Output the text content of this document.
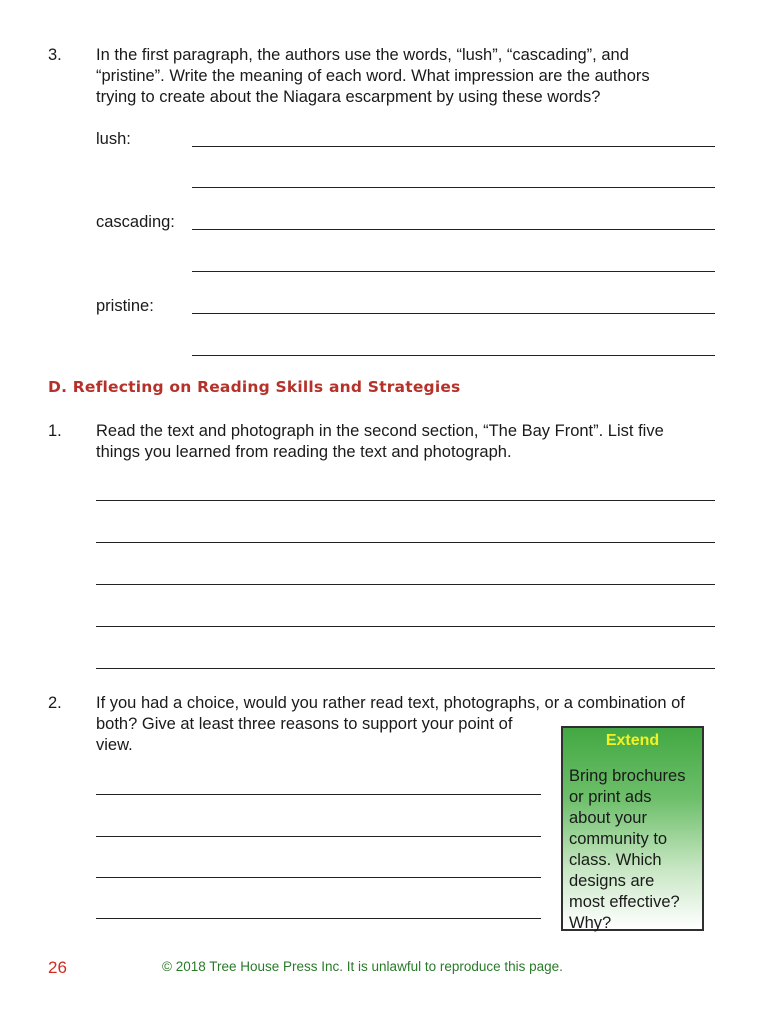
3. In the first paragraph, the authors use the words, “lush”, “cascading”, and
“pristine”. Write the meaning of each word. What impression are the authors
trying to create about the Niagara escarpment by using these words?
lush:
cascading:
pristine:
D. Reflecting on Reading Skills and Strategies
1. Read the text and photograph in the second section, “The Bay Front”. List five
things you learned from reading the text and photograph.
2. If you had a choice, would you rather read text, photographs, or a combination of
both? Give at least three reasons to support your point of
view.	Extend
Bring brochures
or print ads
about your
community to
class. Which
designs are
most effective?
Why?
26	© 2018 Tree House Press Inc. It is unlawful to reproduce this page.
